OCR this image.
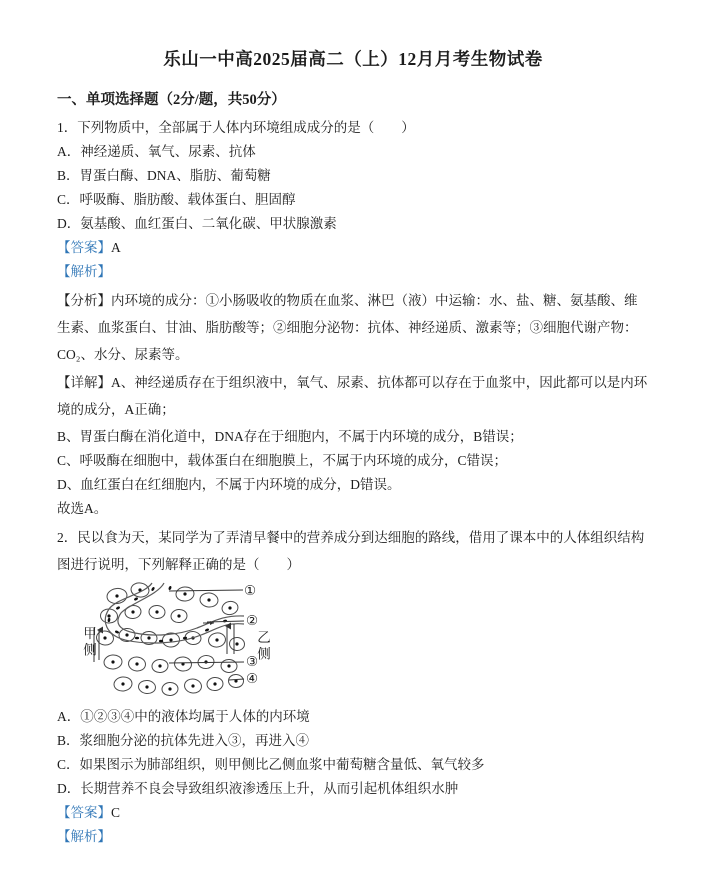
乐山一中高2025届高二（上）12月月考生物试卷
一、单项选择题（2分/题，共50分）
1．下列物质中，全部属于人体内环境组成成分的是（　　）
A．神经递质、氧气、尿素、抗体
B．胃蛋白酶、DNA、脂肪、葡萄糖
C．呼吸酶、脂肪酸、载体蛋白、胆固醇
D．氨基酸、血红蛋白、二氧化碳、甲状腺激素
【答案】A
【解析】
【分析】内环境的成分：①小肠吸收的物质在血浆、淋巴（液）中运输：水、盐、糖、氨基酸、维生素、血浆蛋白、甘油、脂肪酸等；②细胞分泌物：抗体、神经递质、激素等；③细胞代谢产物：CO₂、水分、尿素等。
【详解】A、神经递质存在于组织液中，氧气、尿素、抗体都可以存在于血浆中，因此都可以是内环境的成分，A正确；
B、胃蛋白酶在消化道中，DNA存在于细胞内，不属于内环境的成分，B错误；
C、呼吸酶在细胞中，载体蛋白在细胞膜上，不属于内环境的成分，C错误；
D、血红蛋白在红细胞内，不属于内环境的成分，D错误。
故选A。
2．民以食为天，某同学为了弄清早餐中的营养成分到达细胞的路线，借用了课本中的人体组织结构图进行说明，下列解释正确的是（　　）
甲侧	乙侧
①
②
③
④
A．①②③④中的液体均属于人体的内环境
B．浆细胞分泌的抗体先进入③，再进入④
C．如果图示为肺部组织，则甲侧比乙侧血浆中葡萄糖含量低、氧气较多
D．长期营养不良会导致组织液渗透压上升，从而引起机体组织水肿
【答案】C
【解析】
